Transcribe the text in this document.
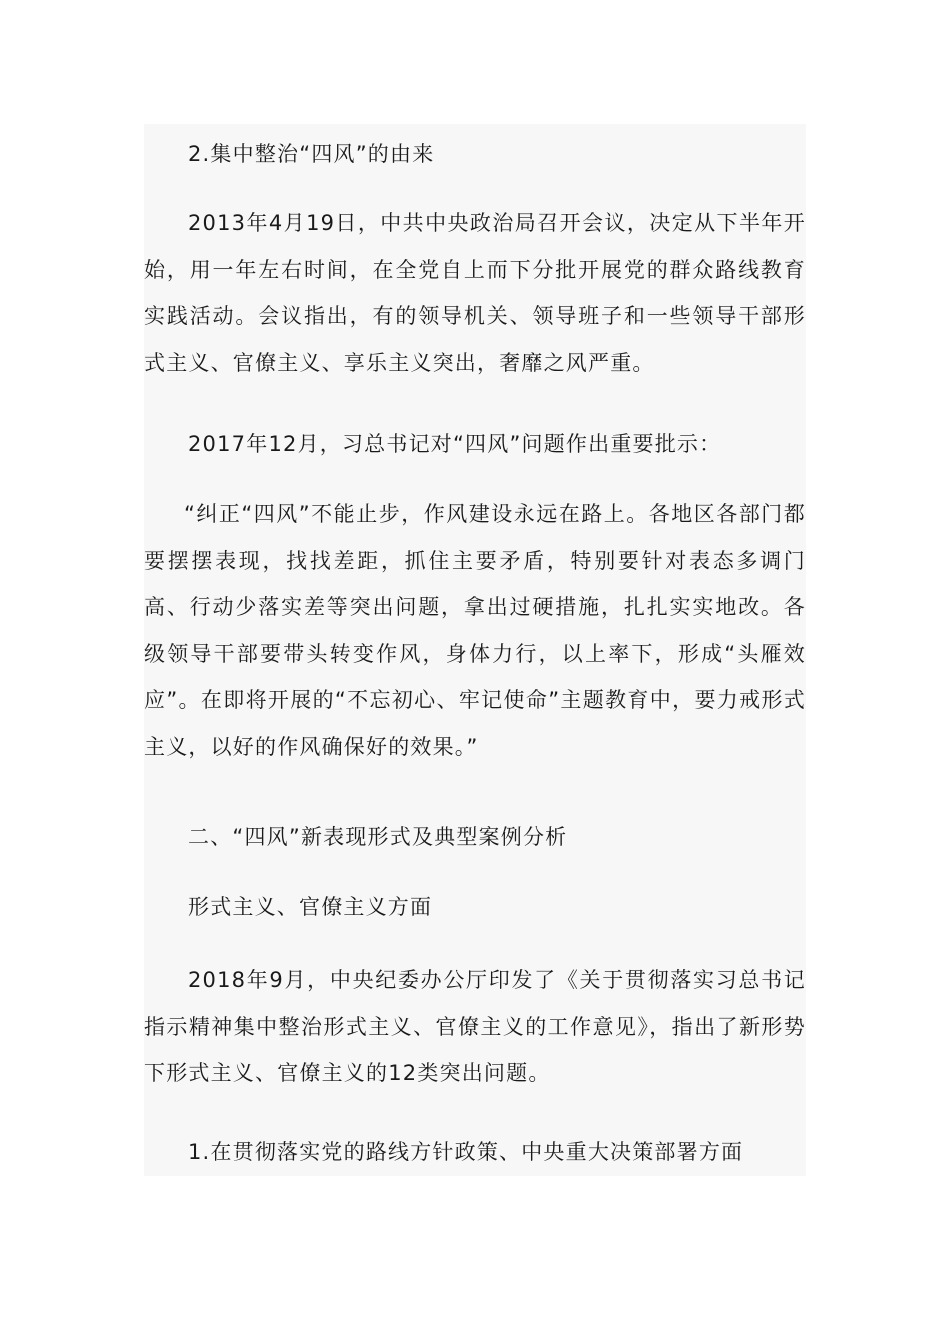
2.集中整治“四风”的由来

2013年4月19日，中共中央政治局召开会议，决定从下半年开始，用一年左右时间，在全党自上而下分批开展党的群众路线教育实践活动。会议指出，有的领导机关、领导班子和一些领导干部形式主义、官僚主义、享乐主义突出，奢靡之风严重。

2017年12月，习总书记对“四风”问题作出重要批示：

“纠正“四风”不能止步，作风建设永远在路上。各地区各部门都要摆摆表现，找找差距，抓住主要矛盾，特别要针对表态多调门高、行动少落实差等突出问题，拿出过硬措施，扎扎实实地改。各级领导干部要带头转变作风，身体力行，以上率下，形成“头雁效应”。在即将开展的“不忘初心、牢记使命”主题教育中，要力戒形式主义，以好的作风确保好的效果。”

二、“四风”新表现形式及典型案例分析

形式主义、官僚主义方面

2018年9月，中央纪委办公厅印发了《关于贯彻落实习总书记指示精神集中整治形式主义、官僚主义的工作意见》，指出了新形势下形式主义、官僚主义的12类突出问题。

1.在贯彻落实党的路线方针政策、中央重大决策部署方面
